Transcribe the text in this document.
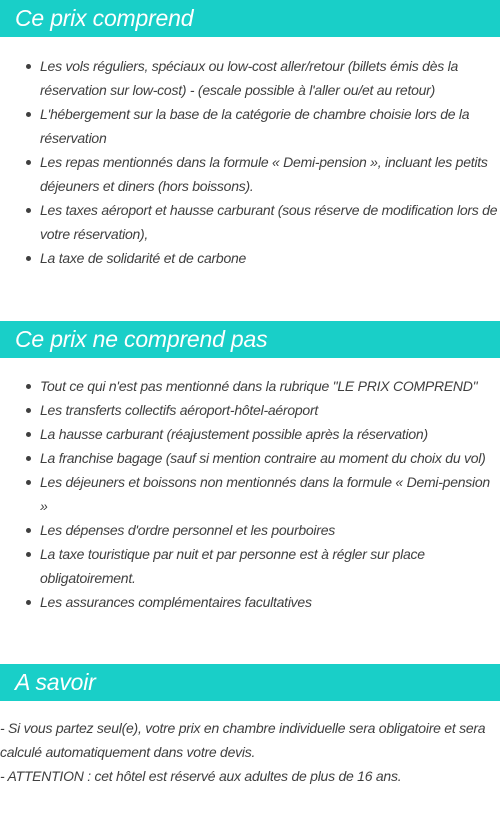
Ce prix comprend
Les vols réguliers, spéciaux ou low-cost aller/retour (billets émis dès la réservation sur low-cost) - (escale possible à l'aller ou/et au retour)
L'hébergement sur la base de la catégorie de chambre choisie lors de la réservation
Les repas mentionnés dans la formule « Demi-pension », incluant les petits déjeuners et diners (hors boissons).
Les taxes aéroport et hausse carburant (sous réserve de modification lors de votre réservation),
La taxe de solidarité et de carbone
Ce prix ne comprend pas
Tout ce qui n'est pas mentionné dans la rubrique "LE PRIX COMPREND"
Les transferts collectifs aéroport-hôtel-aéroport
La hausse carburant (réajustement possible après la réservation)
La franchise bagage (sauf si mention contraire au moment du choix du vol)
Les déjeuners et boissons non mentionnés dans la formule « Demi-pension »
Les dépenses d'ordre personnel et les pourboires
La taxe touristique par nuit et par personne est à régler sur place obligatoirement.
Les assurances complémentaires facultatives
A savoir

- Si vous partez seul(e), votre prix en chambre individuelle sera obligatoire et sera calculé automatiquement dans votre devis.

- ATTENTION : cet hôtel est réservé aux adultes de plus de 16 ans.
